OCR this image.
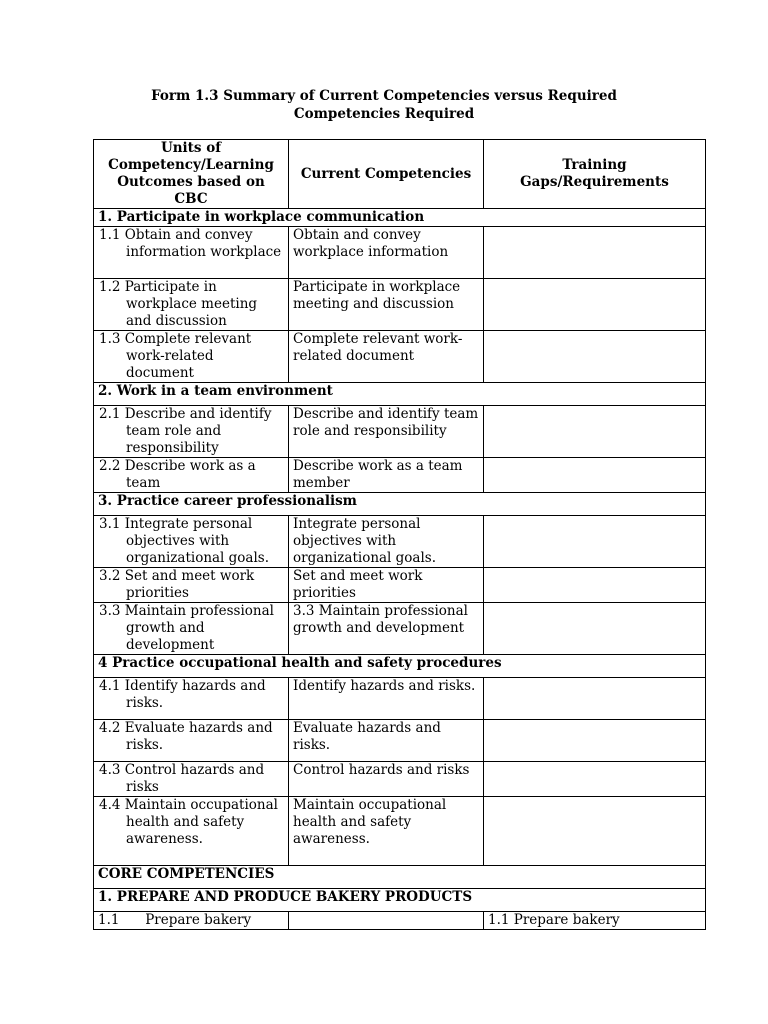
Form 1.3 Summary of Current Competencies versus Required
Competencies Required
Units of Competency/Learning Outcomes based on CBC	Current Competencies	Training Gaps/Requirements
1. Participate in workplace communication		
1.1 Obtain and convey information workplace	Obtain and convey workplace information	
1.2 Participate in workplace meeting and discussion	Participate in workplace meeting and discussion	
1.3 Complete relevant work-related document	Complete relevant work-related document	
2. Work in a team environment		
2.1 Describe and identify team role and responsibility	Describe and identify team role and responsibility	
2.2 Describe work as a team	Describe work as a team member	
3. Practice career professionalism		
3.1 Integrate personal objectives with organizational goals.	Integrate personal objectives with organizational goals.	
3.2 Set and meet work priorities	Set and meet work priorities	
3.3 Maintain professional growth and development	3.3 Maintain professional growth and development	
4 Practice occupational health and safety procedures		
4.1 Identify hazards and risks.	Identify hazards and risks.	
4.2 Evaluate hazards and risks.	Evaluate hazards and risks.	
4.3 Control hazards and risks	Control hazards and risks	
4.4 Maintain occupational health and safety awareness.	Maintain occupational health and safety awareness.	
CORE COMPETENCIES		
1. PREPARE AND PRODUCE BAKERY PRODUCTS		
1.1      Prepare bakery		1.1 Prepare bakery
